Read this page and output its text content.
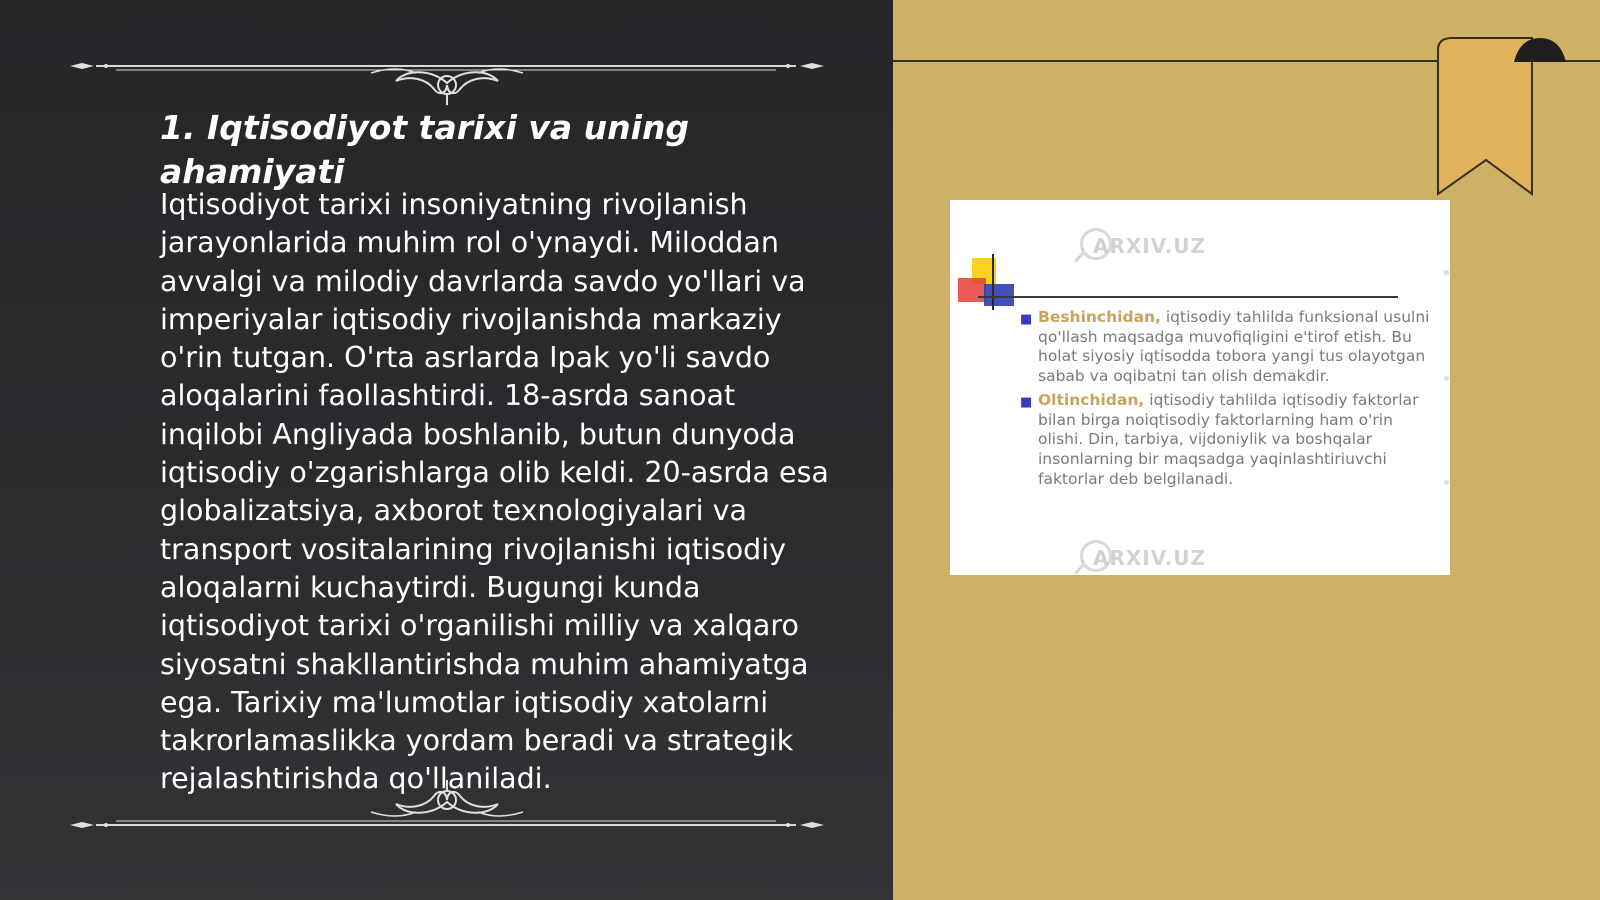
1. Iqtisodiyot tarixi va uning ahamiyati

Iqtisodiyot tarixi insoniyatning rivojlanish jarayonlarida muhim rol o'ynaydi. Miloddan avvalgi va milodiy davrlarda savdo yo'llari va imperiyalar iqtisodiy rivojlanishda markaziy o'rin tutgan. O'rta asrlarda Ipak yo'li savdo aloqalarini faollashtirdi. 18-asrda sanoat inqilobi Angliyada boshlanib, butun dunyoda iqtisodiy o'zgarishlarga olib keldi. 20-asrda esa globalizatsiya, axborot texnologiyalari va transport vositalarining rivojlanishi iqtisodiy aloqalarni kuchaytirdi. Bugungi kunda iqtisodiyot tarixi o'rganilishi milliy va xalqaro siyosatni shakllantirishda muhim ahamiyatga ega. Tarixiy ma'lumotlar iqtisodiy xatolarni takrorlamaslikka yordam beradi va strategik rejalashtirishda qo'llaniladi.

ARXIV.UZ
ARXIV.UZ
■ Beshinchidan, iqtisodiy tahlilda funksional usulni qo'llash maqsadga muvofiqligini e'tirof etish. Bu holat siyosiy iqtisodda tobora yangi tus olayotgan sabab va oqibatni tan olish demakdir.
■ Oltinchidan, iqtisodiy tahlilda iqtisodiy faktorlar bilan birga noiqtisodiy faktorlarning ham o'rin olishi. Din, tarbiya, vijdoniylik va boshqalar insonlarning bir maqsadga yaqinlashtiriuvchi faktorlar deb belgilanadi.
